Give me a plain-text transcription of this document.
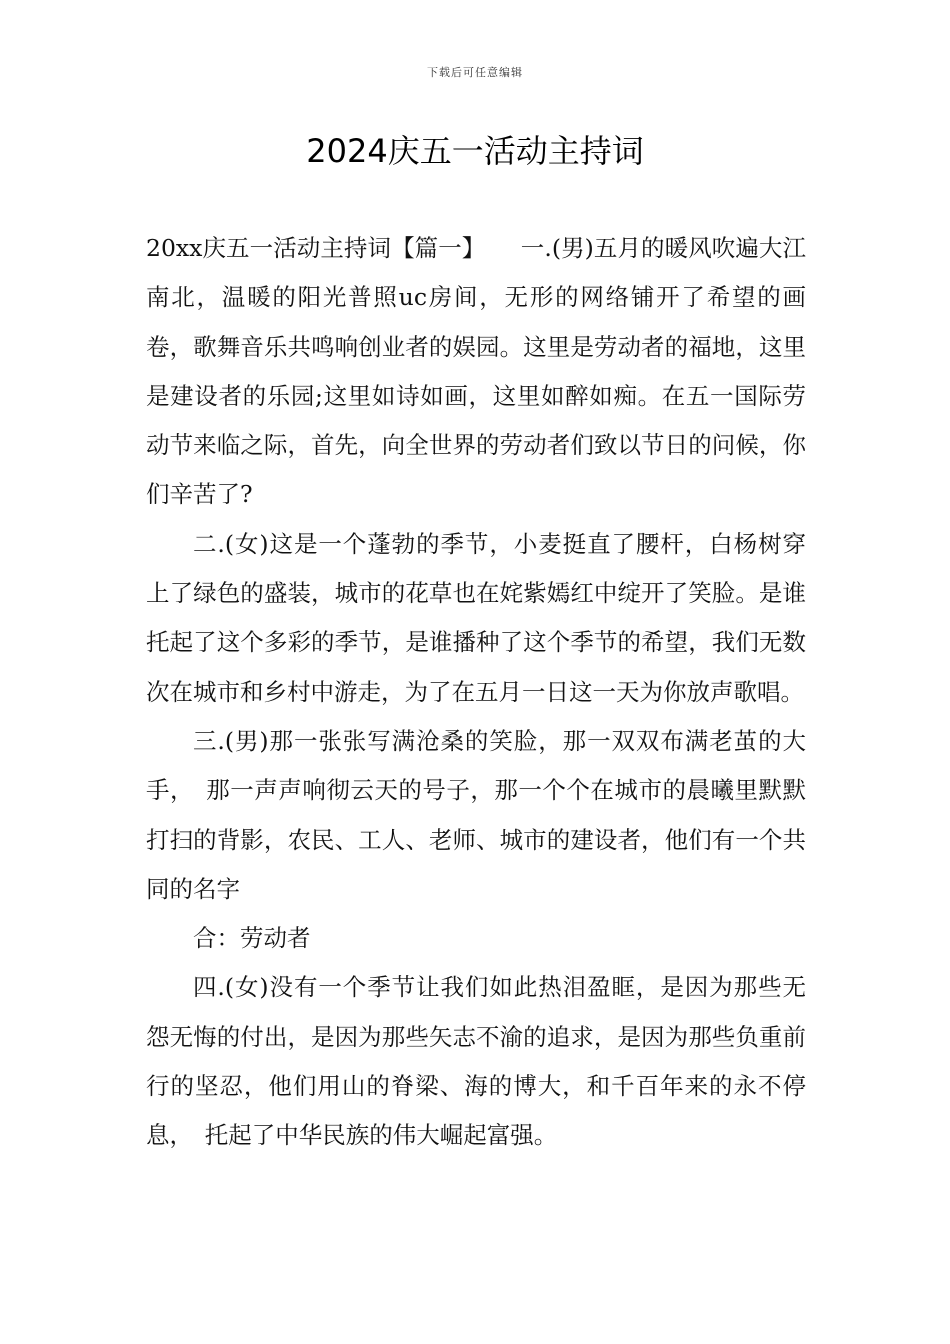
下载后可任意编辑
2024庆五一活动主持词

20xx庆五一活动主持词【篇一】　　一.(男)五月的暖风吹遍大江南北，温暖的阳光普照uc房间，无形的网络铺开了希望的画卷，歌舞音乐共鸣响创业者的娱园。这里是劳动者的福地，这里是建设者的乐园;这里如诗如画，这里如醉如痴。在五一国际劳动节来临之际，首先，向全世界的劳动者们致以节日的问候，你们辛苦了?

二.(女)这是一个蓬勃的季节，小麦挺直了腰杆，白杨树穿上了绿色的盛装，城市的花草也在姹紫嫣红中绽开了笑脸。是谁托起了这个多彩的季节，是谁播种了这个季节的希望，我们无数次在城市和乡村中游走，为了在五月一日这一天为你放声歌唱。

三.(男)那一张张写满沧桑的笑脸，那一双双布满老茧的大手，　那一声声响彻云天的号子，那一个个在城市的晨曦里默默打扫的背影，农民、工人、老师、城市的建设者，他们有一个共同的名字

合：劳动者

四.(女)没有一个季节让我们如此热泪盈眶，是因为那些无怨无悔的付出，是因为那些矢志不渝的追求，是因为那些负重前行的坚忍，他们用山的脊梁、海的博大，和千百年来的永不停息，　托起了中华民族的伟大崛起富强。
